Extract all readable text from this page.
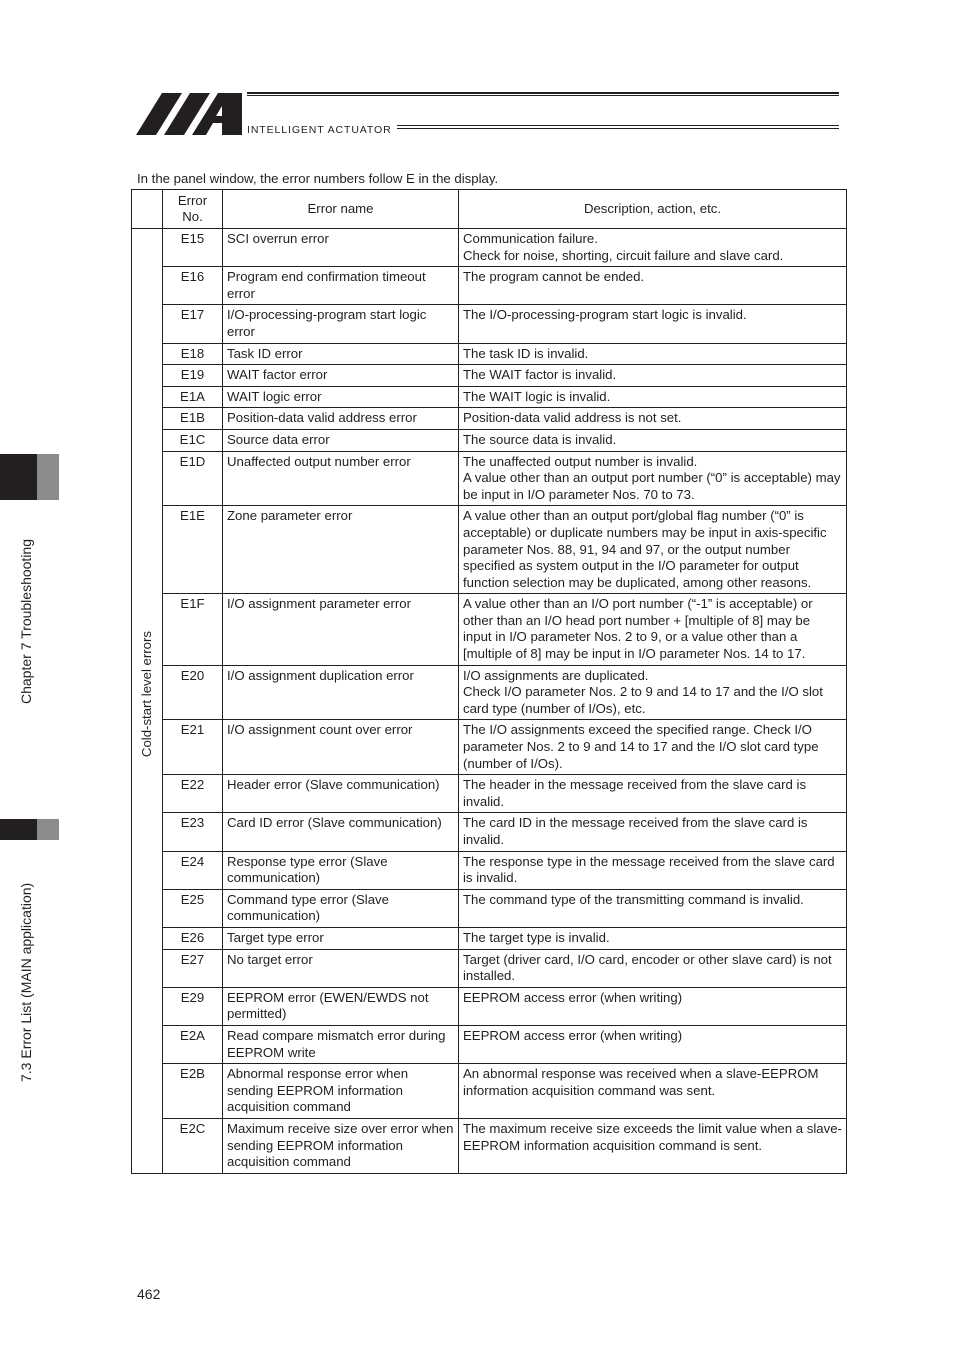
INTELLIGENT ACTUATOR
In the panel window, the error numbers follow E in the display.
	Error No.	Error name	Description, action, etc.
Cold-start level errors	E15	SCI overrun error	Communication failure.
Check for noise, shorting, circuit failure and slave card.
	E16	Program end confirmation timeout error	The program cannot be ended.
	E17	I/O-processing-program start logic error	The I/O-processing-program start logic is invalid.
	E18	Task ID error	The task ID is invalid.
	E19	WAIT factor error	The WAIT factor is invalid.
	E1A	WAIT logic error	The WAIT logic is invalid.
	E1B	Position-data valid address error	Position-data valid address is not set.
	E1C	Source data error	The source data is invalid.
	E1D	Unaffected output number error	The unaffected output number is invalid.
A value other than an output port number (“0” is acceptable) may be input in I/O parameter Nos. 70 to 73.
	E1E	Zone parameter error	A value other than an output port/global flag number (“0” is acceptable) or duplicate numbers may be input in axis-specific parameter Nos. 88, 91, 94 and 97, or the output number specified as system output in the I/O parameter for output function selection may be duplicated, among other reasons.
	E1F	I/O assignment parameter error	A value other than an I/O port number (“-1” is acceptable) or other than an I/O head port number + [multiple of 8] may be input in I/O parameter Nos. 2 to 9, or a value other than a [multiple of 8] may be input in I/O parameter Nos. 14 to 17.
	E20	I/O assignment duplication error	I/O assignments are duplicated.
Check I/O parameter Nos. 2 to 9 and 14 to 17 and the I/O slot card type (number of I/Os), etc.
	E21	I/O assignment count over error	The I/O assignments exceed the specified range. Check I/O parameter Nos. 2 to 9 and 14 to 17 and the I/O slot card type (number of I/Os).
	E22	Header error (Slave communication)	The header in the message received from the slave card is invalid.
	E23	Card ID error (Slave communication)	The card ID in the message received from the slave card is invalid.
	E24	Response type error (Slave communication)	The response type in the message received from the slave card is invalid.
	E25	Command type error (Slave communication)	The command type of the transmitting command is invalid.
	E26	Target type error	The target type is invalid.
	E27	No target error	Target (driver card, I/O card, encoder or other slave card) is not installed.
	E29	EEPROM error (EWEN/EWDS not permitted)	EEPROM access error (when writing)
	E2A	Read compare mismatch error during EEPROM write	EEPROM access error (when writing)
	E2B	Abnormal response error when sending EEPROM information acquisition command	An abnormal response was received when a slave-EEPROM information acquisition command was sent.
	E2C	Maximum receive size over error when sending EEPROM information acquisition command	The maximum receive size exceeds the limit value when a slave-EEPROM information acquisition command is sent.
Chapter 7 Troubleshooting
7.3 Error List (MAIN application)
462
